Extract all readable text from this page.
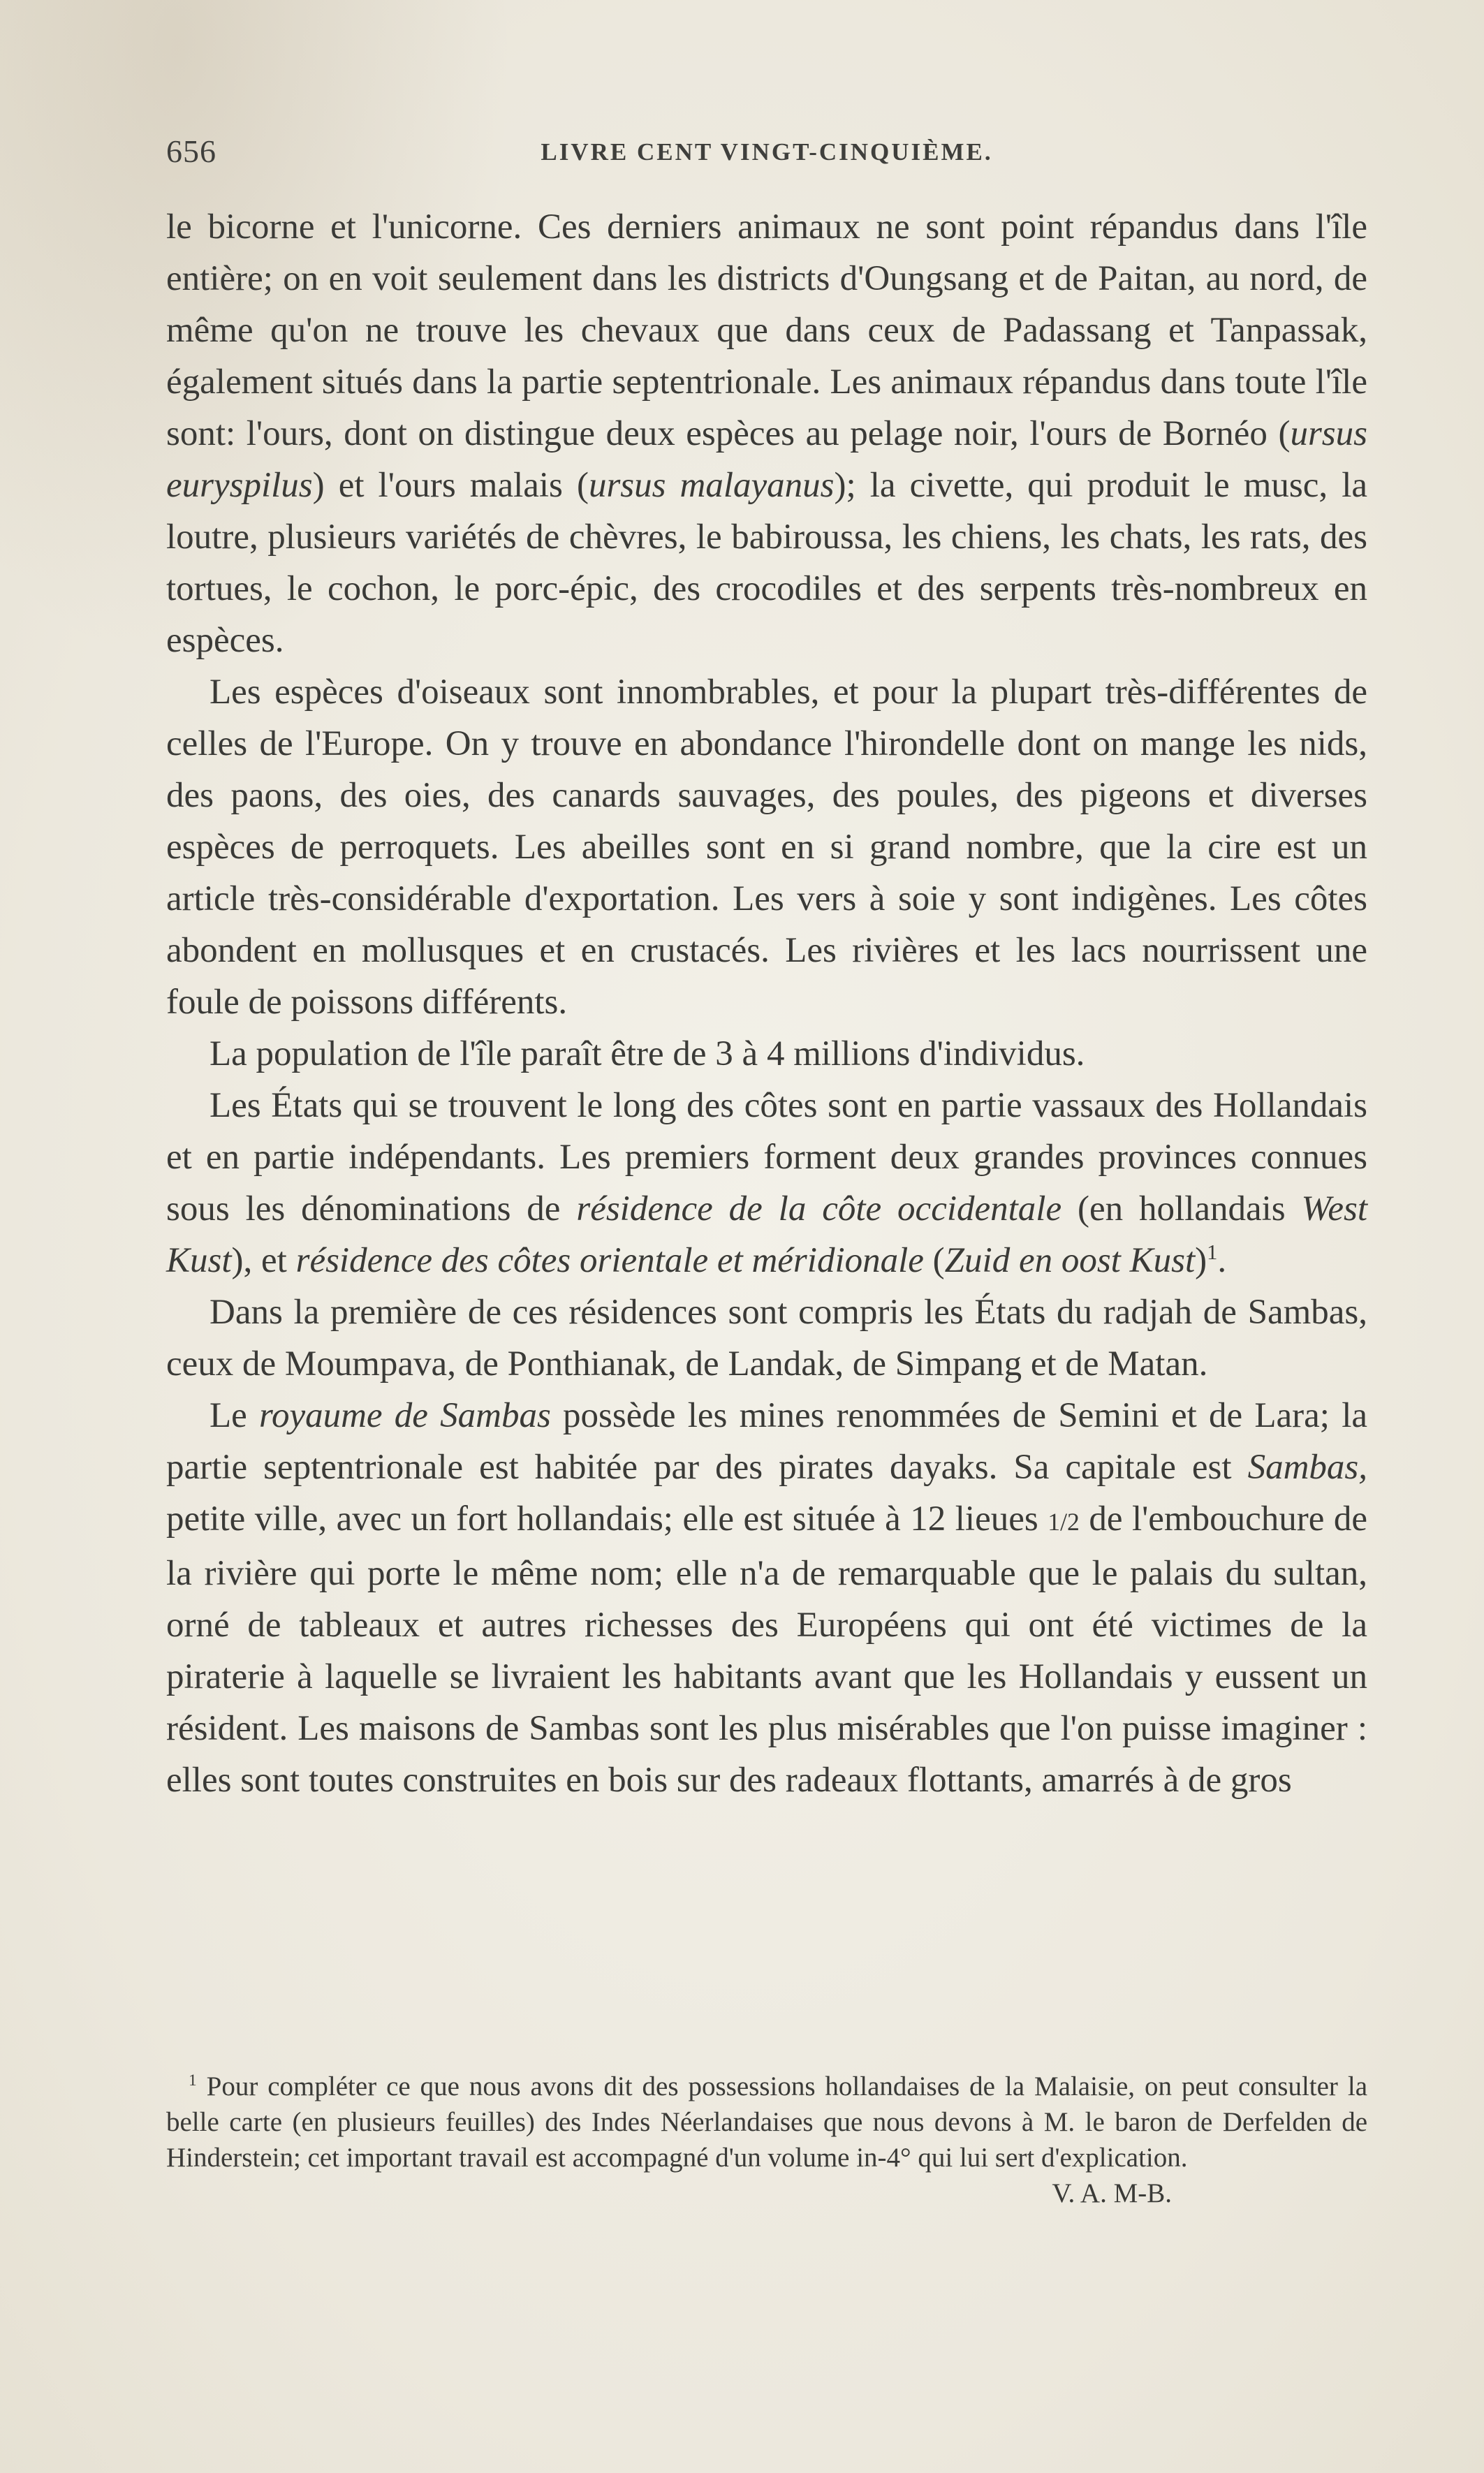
656	LIVRE CENT VINGT-CINQUIÈME.

le bicorne et l'unicorne. Ces derniers animaux ne sont point répandus dans l'île entière; on en voit seulement dans les districts d'Oungsang et de Paitan, au nord, de même qu'on ne trouve les chevaux que dans ceux de Padassang et Tanpassak, également situés dans la partie septentrionale. Les animaux répandus dans toute l'île sont: l'ours, dont on distingue deux espèces au pelage noir, l'ours de Bornéo (ursus euryspilus) et l'ours malais (ursus malayanus); la civette, qui produit le musc, la loutre, plusieurs variétés de chèvres, le babiroussa, les chiens, les chats, les rats, des tortues, le cochon, le porc-épic, des crocodiles et des serpents très-nombreux en espèces.

Les espèces d'oiseaux sont innombrables, et pour la plupart très-différentes de celles de l'Europe. On y trouve en abondance l'hirondelle dont on mange les nids, des paons, des oies, des canards sauvages, des poules, des pigeons et diverses espèces de perroquets. Les abeilles sont en si grand nombre, que la cire est un article très-considérable d'exportation. Les vers à soie y sont indigènes. Les côtes abondent en mollusques et en crustacés. Les rivières et les lacs nourrissent une foule de poissons différents.

La population de l'île paraît être de 3 à 4 millions d'individus.

Les États qui se trouvent le long des côtes sont en partie vassaux des Hollandais et en partie indépendants. Les premiers forment deux grandes provinces connues sous les dénominations de résidence de la côte occidentale (en hollandais West Kust), et résidence des côtes orientale et méridionale (Zuid en oost Kust)$^1$.

Dans la première de ces résidences sont compris les États du radjah de Sambas, ceux de Moumpava, de Ponthianak, de Landak, de Simpang et de Matan.

Le royaume de Sambas possède les mines renommées de Semini et de Lara; la partie septentrionale est habitée par des pirates dayaks. Sa capitale est Sambas, petite ville, avec un fort hollandais; elle est située à 12 lieues 1/2 de l'embouchure de la rivière qui porte le même nom; elle n'a de remarquable que le palais du sultan, orné de tableaux et autres richesses des Européens qui ont été victimes de la piraterie à laquelle se livraient les habitants avant que les Hollandais y eussent un résident. Les maisons de Sambas sont les plus misérables que l'on puisse imaginer : elles sont toutes construites en bois sur des radeaux flottants, amarrés à de gros

$^1$ Pour compléter ce que nous avons dit des possessions hollandaises de la Malaisie, on peut consulter la belle carte (en plusieurs feuilles) des Indes Néerlandaises que nous devons à M. le baron de Derfelden de Hinderstein; cet important travail est accompagné d'un volume in-4° qui lui sert d'explication.
V. A. M-B.
